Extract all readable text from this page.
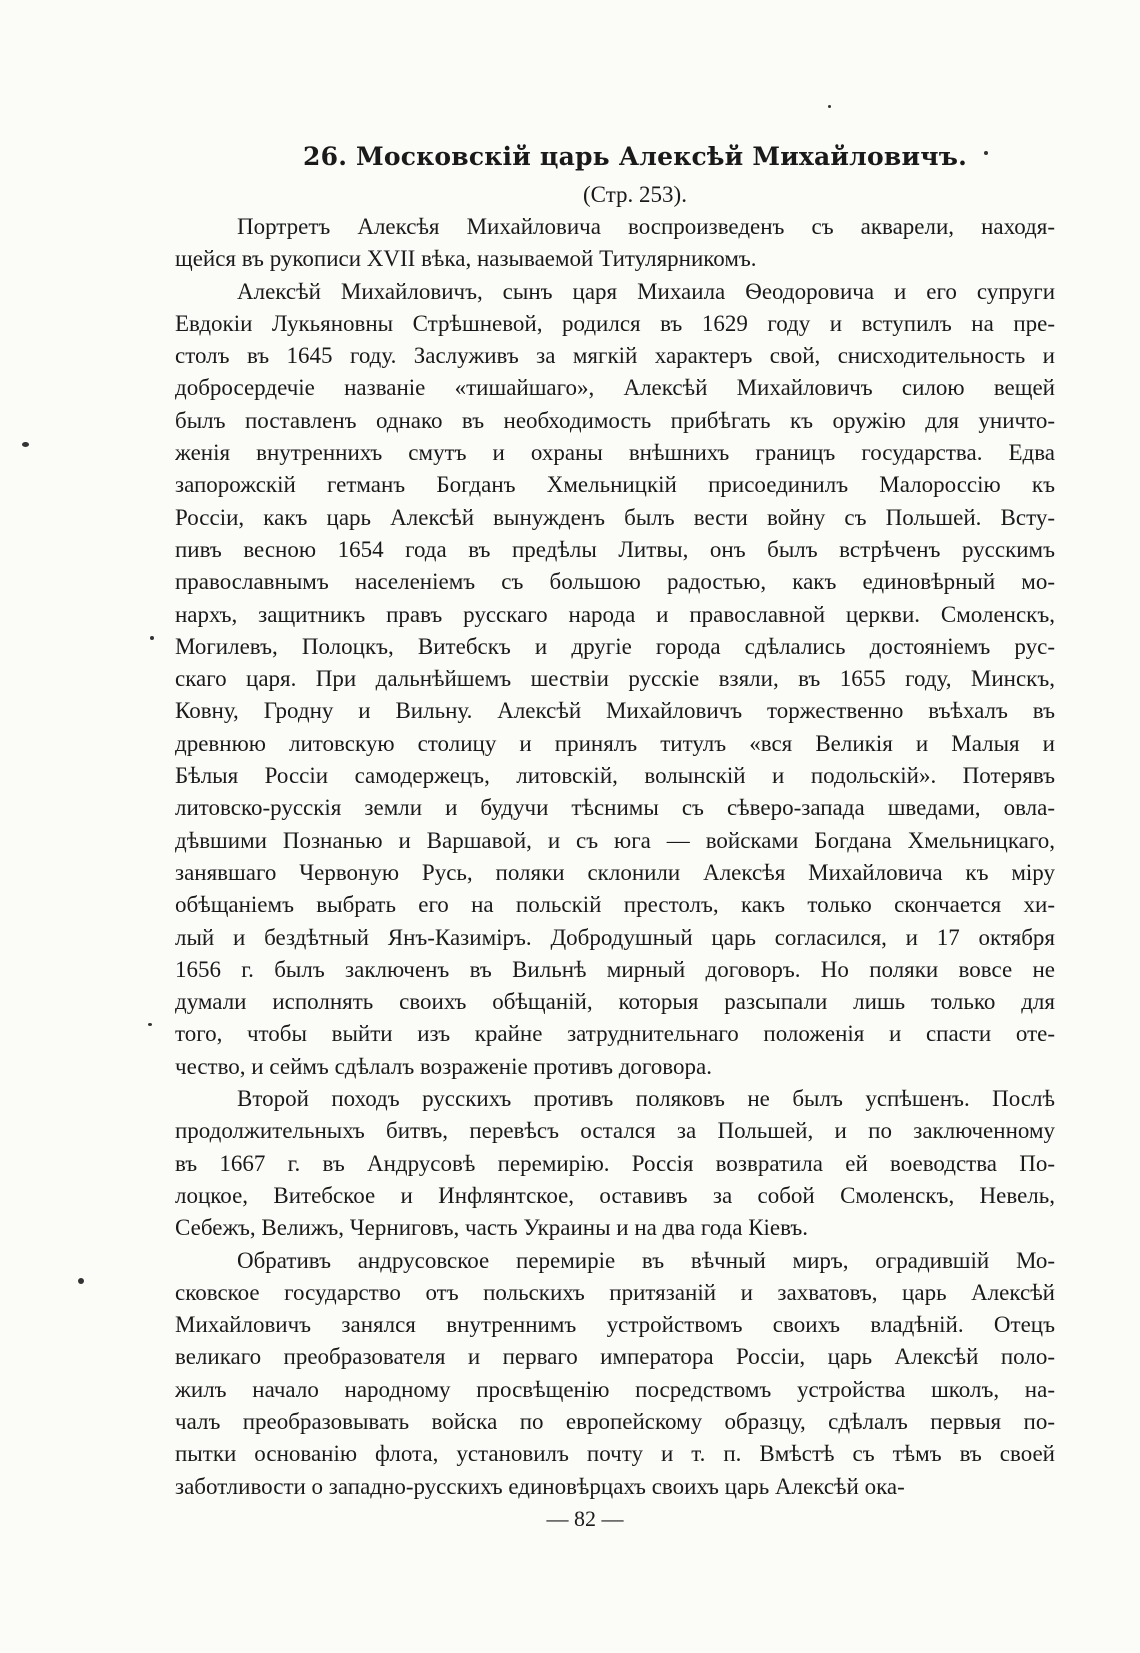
26. Московскій царь Алексѣй Михайловичъ.
(Стр. 253).
Портретъ Алексѣя Михайловича воспроизведенъ съ акварели, находя-
щейся въ рукописи XVII вѣка, называемой Титулярникомъ.
Алексѣй Михайловичъ, сынъ царя Михаила Ѳеодоровича и его супруги
Евдокіи Лукьяновны Стрѣшневой, родился въ 1629 году и вступилъ на пре-
столъ въ 1645 году. Заслуживъ за мягкій характеръ свой, снисходительность и
добросердечіе названіе «тишайшаго», Алексѣй Михайловичъ силою вещей
былъ поставленъ однако въ необходимость прибѣгать къ оружію для уничто-
женія внутреннихъ смутъ и охраны внѣшнихъ границъ государства. Едва
запорожскій гетманъ Богданъ Хмельницкій присоединилъ Малороссію къ
Россіи, какъ царь Алексѣй вынужденъ былъ вести войну съ Польшей. Всту-
пивъ весною 1654 года въ предѣлы Литвы, онъ былъ встрѣченъ русскимъ
православнымъ населеніемъ съ большою радостью, какъ единовѣрный мо-
нархъ, защитникъ правъ русскаго народа и православной церкви. Смоленскъ,
Могилевъ, Полоцкъ, Витебскъ и другіе города сдѣлались достояніемъ рус-
скаго царя. При дальнѣйшемъ шествіи русскіе взяли, въ 1655 году, Минскъ,
Ковну, Гродну и Вильну. Алексѣй Михайловичъ торжественно въѣхалъ въ
древнюю литовскую столицу и принялъ титулъ «вся Великія и Малыя и
Бѣлыя Россіи самодержецъ, литовскій, волынскій и подольскій». Потерявъ
литовско-русскія земли и будучи тѣснимы съ сѣверо-запада шведами, овла-
дѣвшими Познанью и Варшавой, и съ юга — войсками Богдана Хмельницкаго,
занявшаго Червоную Русь, поляки склонили Алексѣя Михайловича къ міру
обѣщаніемъ выбрать его на польскій престолъ, какъ только скончается хи-
лый и бездѣтный Янъ-Казиміръ. Добродушный царь согласился, и 17 октября
1656 г. былъ заключенъ въ Вильнѣ мирный договоръ. Но поляки вовсе не
думали исполнять своихъ обѣщаній, которыя разсыпали лишь только для
того, чтобы выйти изъ крайне затруднительнаго положенія и спасти оте-
чество, и сеймъ сдѣлалъ возраженіе противъ договора.
Второй походъ русскихъ противъ поляковъ не былъ успѣшенъ. Послѣ
продолжительныхъ битвъ, перевѣсъ остался за Польшей, и по заключенному
въ 1667 г. въ Андрусовѣ перемирію. Россія возвратила ей воеводства По-
лоцкое, Витебское и Инфлянтское, оставивъ за собой Смоленскъ, Невель,
Себежъ, Велижъ, Черниговъ, часть Украины и на два года Кіевъ.
Обративъ андрусовское перемиріе въ вѣчный миръ, оградившій Мо-
сковское государство отъ польскихъ притязаній и захватовъ, царь Алексѣй
Михайловичъ занялся внутреннимъ устройствомъ своихъ владѣній. Отецъ
великаго преобразователя и перваго императора Россіи, царь Алексѣй поло-
жилъ начало народному просвѣщенію посредствомъ устройства школъ, на-
чалъ преобразовывать войска по европейскому образцу, сдѣлалъ первыя по-
пытки основанію флота, установилъ почту и т. п. Вмѣстѣ съ тѣмъ въ своей
заботливости о западно-русскихъ единовѣрцахъ своихъ царь Алексѣй ока-
— 82 —
